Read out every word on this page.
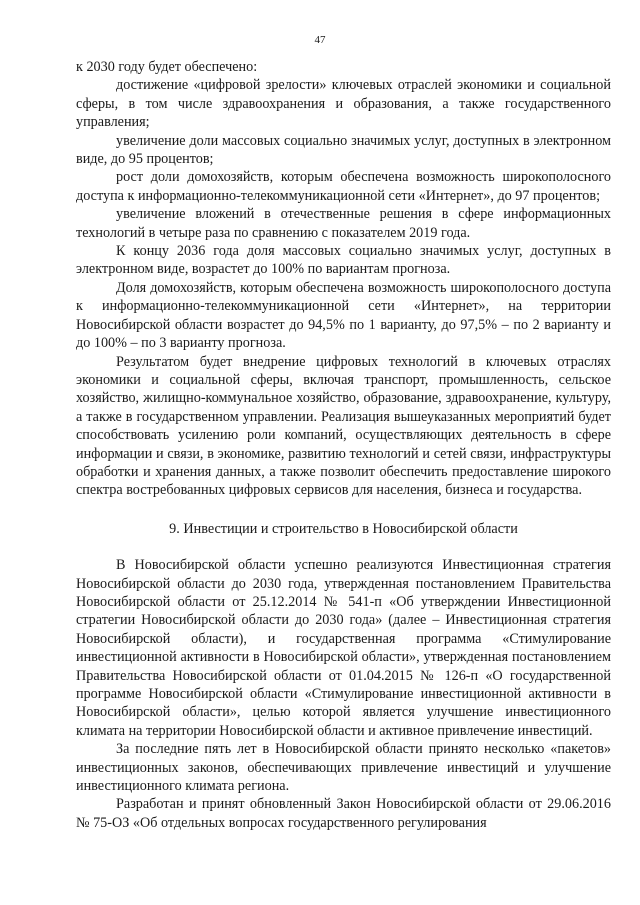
47

к 2030 году будет обеспечено:

достижение «цифровой зрелости» ключевых отраслей экономики и социальной сферы, в том числе здравоохранения и образования, а также государственного управления;

увеличение доли массовых социально значимых услуг, доступных в электронном виде, до 95 процентов;

рост доли домохозяйств, которым обеспечена возможность широкополосного доступа к информационно-телекоммуникационной сети «Интернет», до 97 процентов;

увеличение вложений в отечественные решения в сфере информационных технологий в четыре раза по сравнению с показателем 2019 года.

К концу 2036 года доля массовых социально значимых услуг, доступных в электронном виде, возрастет до 100% по вариантам прогноза.

Доля домохозяйств, которым обеспечена возможность широкополосного доступа к информационно-телекоммуникационной сети «Интернет», на территории Новосибирской области возрастет до 94,5% по 1 варианту, до 97,5% – по 2 варианту и до 100% – по 3 варианту прогноза.

Результатом будет внедрение цифровых технологий в ключевых отраслях экономики и социальной сферы, включая транспорт, промышленность, сельское хозяйство, жилищно-коммунальное хозяйство, образование, здравоохранение, культуру, а также в государственном управлении. Реализация вышеуказанных мероприятий будет способствовать усилению роли компаний, осуществляющих деятельность в сфере информации и связи, в экономике, развитию технологий и сетей связи, инфраструктуры обработки и хранения данных, а также позволит обеспечить предоставление широкого спектра востребованных цифровых сервисов для населения, бизнеса и государства.

9. Инвестиции и строительство в Новосибирской области

В Новосибирской области успешно реализуются Инвестиционная стратегия Новосибирской области до 2030 года, утвержденная постановлением Правительства Новосибирской области от 25.12.2014 № 541-п «Об утверждении Инвестиционной стратегии Новосибирской области до 2030 года» (далее – Инвестиционная стратегия Новосибирской области), и государственная программа «Стимулирование инвестиционной активности в Новосибирской области», утвержденная постановлением Правительства Новосибирской области от 01.04.2015 № 126-п «О государственной программе Новосибирской области «Стимулирование инвестиционной активности в Новосибирской области», целью которой является улучшение инвестиционного климата на территории Новосибирской области и активное привлечение инвестиций.

За последние пять лет в Новосибирской области принято несколько «пакетов» инвестиционных законов, обеспечивающих привлечение инвестиций и улучшение инвестиционного климата региона.

Разработан и принят обновленный Закон Новосибирской области от 29.06.2016 № 75-ОЗ «Об отдельных вопросах государственного регулирования
